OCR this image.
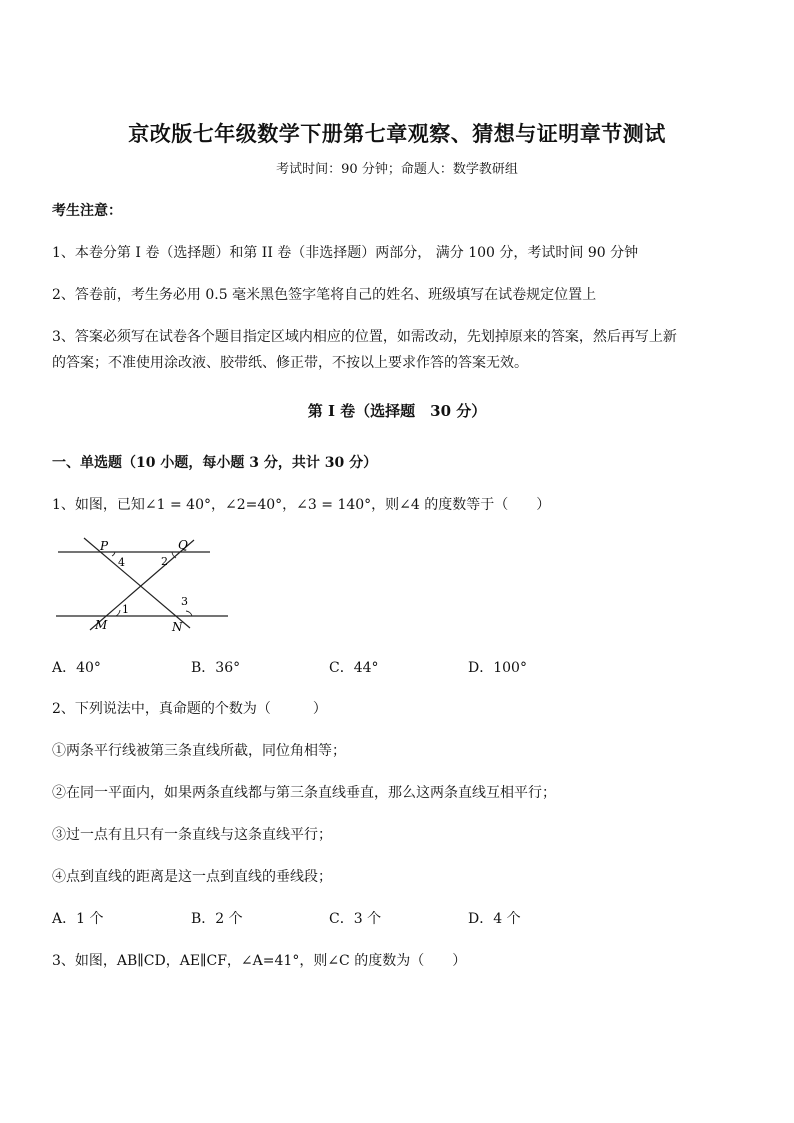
京改版七年级数学下册第七章观察、猜想与证明章节测试
考试时间：90 分钟；命题人：数学教研组
考生注意：
1、本卷分第 I 卷（选择题）和第 II 卷（非选择题）两部分， 满分 100 分，考试时间 90 分钟
2、答卷前，考生务必用 0.5 毫米黑色签字笔将自己的姓名、班级填写在试卷规定位置上
3、答案必须写在试卷各个题目指定区域内相应的位置，如需改动，先划掉原来的答案，然后再写上新
的答案；不准使用涂改液、胶带纸、修正带，不按以上要求作答的答案无效。
第 I 卷（选择题　30 分）
一、单选题（10 小题，每小题 3 分，共计 30 分）
1、如图，已知∠1 = 40°，∠2=40°，∠3 = 140°，则∠4 的度数等于（　　）
P	Q
M	N
4	2
1
3
A．40°	B．36°	C．44°	D．100°
2、下列说法中，真命题的个数为（　　　）
①两条平行线被第三条直线所截，同位角相等；
②在同一平面内，如果两条直线都与第三条直线垂直，那么这两条直线互相平行；
③过一点有且只有一条直线与这条直线平行；
④点到直线的距离是这一点到直线的垂线段；
A．1 个	B．2 个	C．3 个	D．4 个
3、如图，AB∥CD，AE∥CF，∠A=41°，则∠C 的度数为（　　）
